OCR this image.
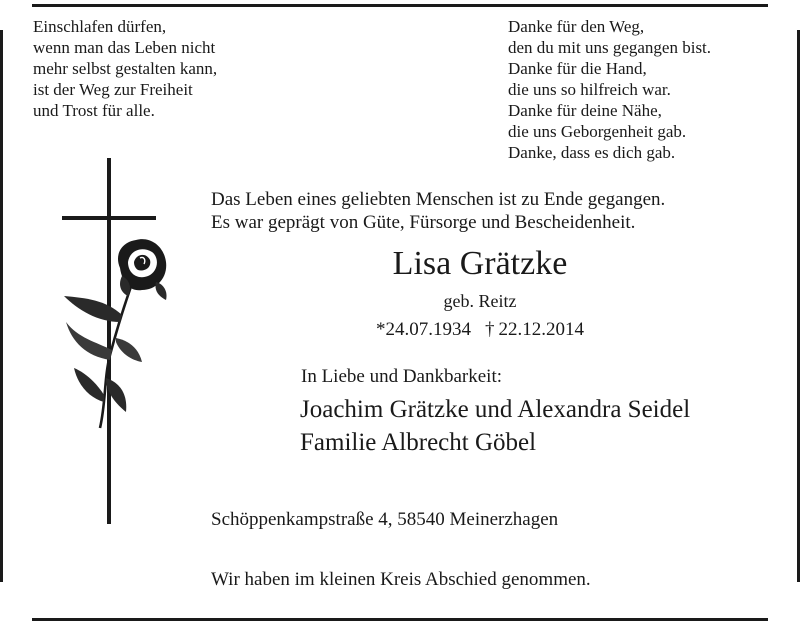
Einschlafen dürfen,
wenn man das Leben nicht
mehr selbst gestalten kann,
ist der Weg zur Freiheit
und Trost für alle.
Danke für den Weg,
den du mit uns gegangen bist.
Danke für die Hand,
die uns so hilfreich war.
Danke für deine Nähe,
die uns Geborgenheit gab.
Danke, dass es dich gab.
Das Leben eines geliebten Menschen ist zu Ende gegangen.
Es war geprägt von Güte, Fürsorge und Bescheidenheit.
Lisa Grätzke
geb. Reitz
*24.07.1934 † 22.12.2014
In Liebe und Dankbarkeit:
Joachim Grätzke und Alexandra Seidel
Familie Albrecht Göbel
Schöppenkampstraße 4, 58540 Meinerzhagen
Wir haben im kleinen Kreis Abschied genommen.
